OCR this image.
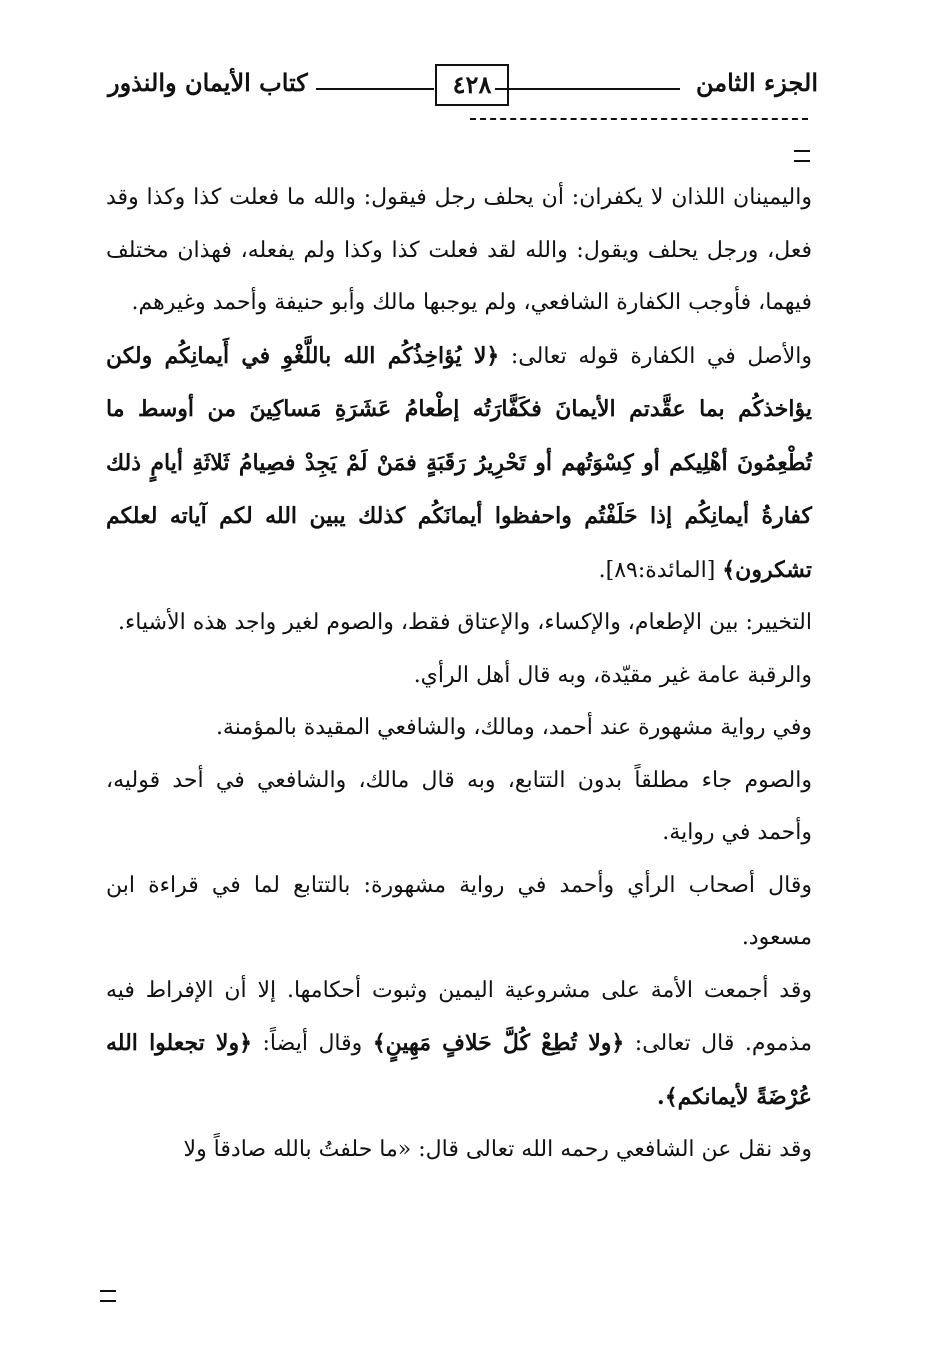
الجزء الثامن
٤٢٨
كتاب الأيمان والنذور

واليمينان اللذان لا يكفران: أن يحلف رجل فيقول: والله ما فعلت كذا وكذا وقد فعل، ورجل يحلف ويقول: والله لقد فعلت كذا وكذا ولم يفعله، فهذان مختلف فيهما، فأوجب الكفارة الشافعي، ولم يوجبها مالك وأبو حنيفة وأحمد وغيرهم.

والأصل في الكفارة قوله تعالى: ﴿لا يُؤاخِذُكُم الله باللَّغْوِ في أَيمانِكُم ولكن يؤاخذكُم بما عقَّدتم الأيمانَ فكَفَّارَتُه إطْعامُ عَشَرَةِ مَساكِينَ من أوسط ما تُطْعِمُونَ أهْلِيكم أو كِسْوَتُهم أو تَحْرِيرُ رَقَبَةٍ فمَنْ لَمْ يَجِدْ فصِيامُ ثَلاثَةِ أيامٍ ذلك كفارةُ أيمانِكُم إذا حَلَفْتُم واحفظوا أيمانَكُم كذلك يبين الله لكم آياته لعلكم تشكرون﴾ [المائدة:٨٩].

التخيير: بين الإطعام، والإكساء، والإعتاق فقط، والصوم لغير واجد هذه الأشياء.

والرقبة عامة غير مقيّدة، وبه قال أهل الرأي.

وفي رواية مشهورة عند أحمد، ومالك، والشافعي المقيدة بالمؤمنة.

والصوم جاء مطلقاً بدون التتابع، وبه قال مالك، والشافعي في أحد قوليه، وأحمد في رواية.

وقال أصحاب الرأي وأحمد في رواية مشهورة: بالتتابع لما في قراءة ابن مسعود.

وقد أجمعت الأمة على مشروعية اليمين وثبوت أحكامها. إلا أن الإفراط فيه مذموم. قال تعالى: ﴿ولا تُطِعْ كُلَّ حَلافٍ مَهِينٍ﴾ وقال أيضاً: ﴿ولا تجعلوا الله عُرْضَةً لأيمانكم﴾.

وقد نقل عن الشافعي رحمه الله تعالى قال: «ما حلفتُ بالله صادقاً ولا
